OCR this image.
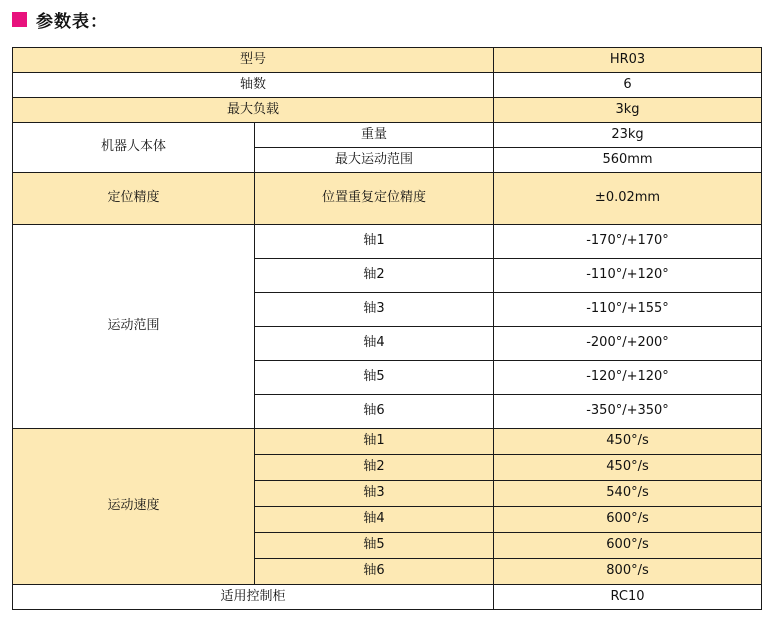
参数表：
型号		HR03
轴数		6
最大负载		3kg
机器人本体	重量	23kg
	最大运动范围	560mm
定位精度	位置重复定位精度	±0.02mm
运动范围	轴1	-170°/+170°
	轴2	-110°/+120°
	轴3	-110°/+155°
	轴4	-200°/+200°
	轴5	-120°/+120°
	轴6	-350°/+350°
运动速度	轴1	450°/s
	轴2	450°/s
	轴3	540°/s
	轴4	600°/s
	轴5	600°/s
	轴6	800°/s
适用控制柜		RC10
